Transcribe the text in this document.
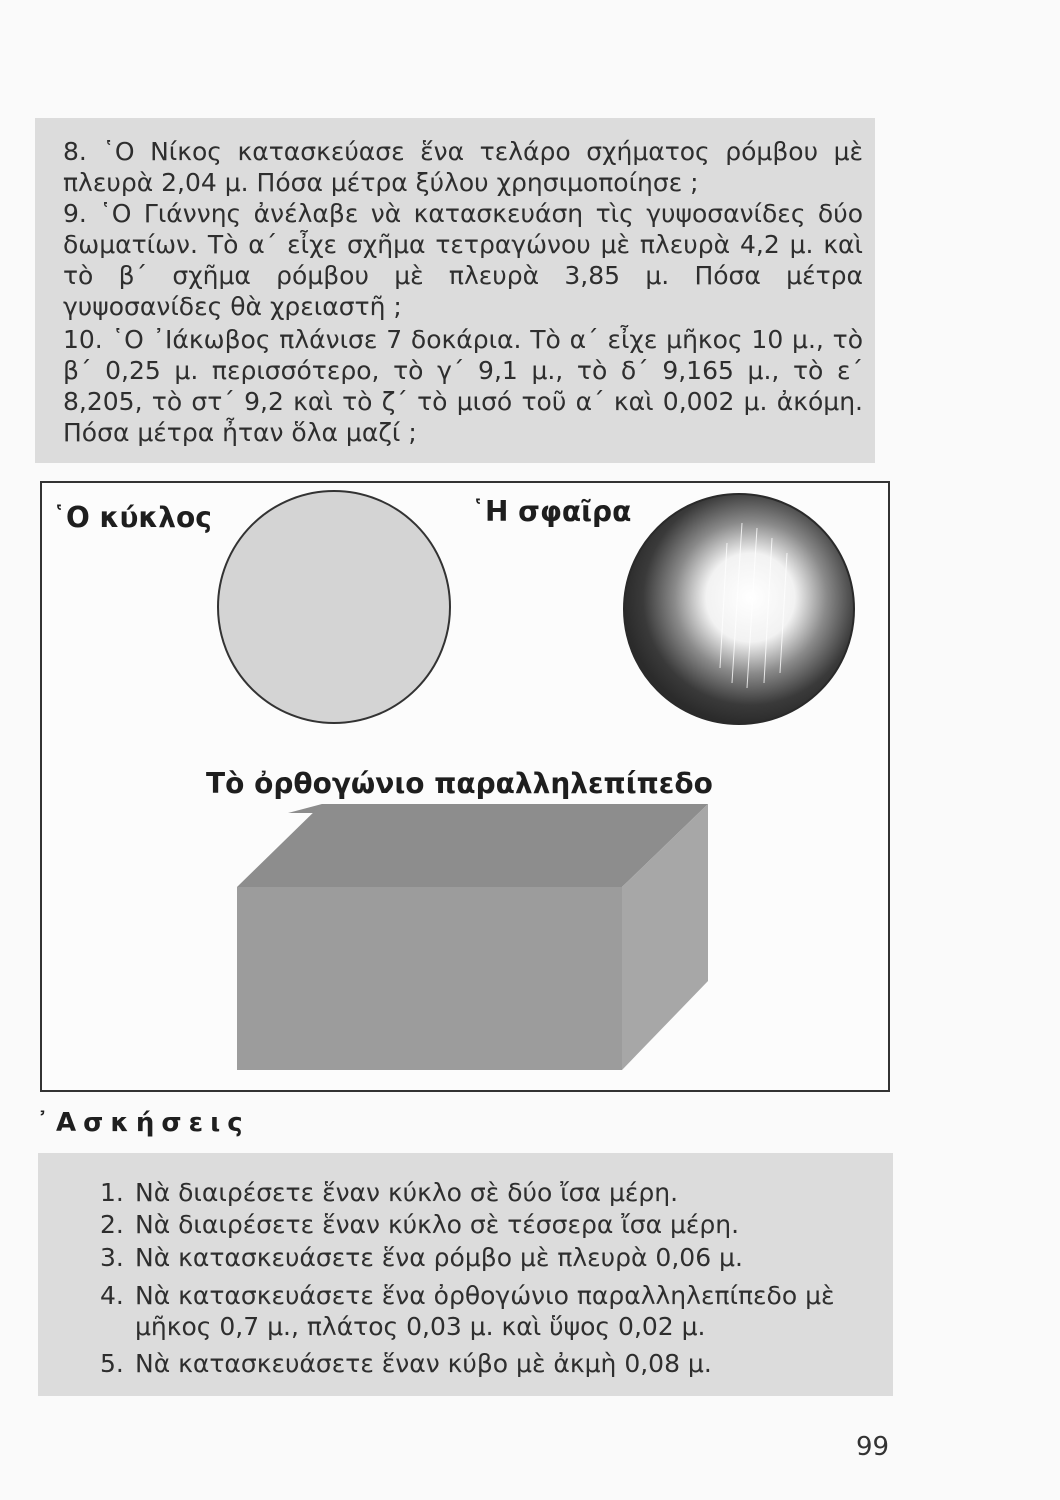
8. ῾Ο Νίκος κατασκεύασε ἕνα τελάρο σχήματος ρόμβου μὲ πλευρὰ 2,04 μ. Πόσα μέτρα ξύλου χρησιμοποίησε ;
9. ῾Ο Γιάννης ἀνέλαβε νὰ κατασκευάση τὶς γυψοσανίδες δύο δωματίων. Τὸ α΄ εἶχε σχῆμα τετραγώνου μὲ πλευρὰ 4,2 μ. καὶ τὸ β΄ σχῆμα ρόμβου μὲ πλευρὰ 3,85 μ. Πόσα μέτρα γυψοσανίδες θὰ χρειαστῆ ;
10. ῾Ο ᾿Ιάκωβος πλάνισε 7 δοκάρια. Τὸ α΄ εἶχε μῆκος 10 μ., τὸ β΄ 0,25 μ. περισσότερο, τὸ γ΄ 9,1 μ., τὸ δ΄ 9,165 μ., τὸ ε΄ 8,205, τὸ στ΄ 9,2 καὶ τὸ ζ΄ τὸ μισό τοῦ α΄ καὶ 0,002 μ. ἀκόμη. Πόσα μέτρα ἦταν ὅλα μαζί ;
῾Ο κύκλος	῾Η σφαῖρα
Τὸ ὀρθογώνιο παραλληλεπίπεδο
᾿Ασκήσεις
1. Νὰ διαιρέσετε ἕναν κύκλο σὲ δύο ἴσα μέρη.
2. Νὰ διαιρέσετε ἕναν κύκλο σὲ τέσσερα ἴσα μέρη.
3. Νὰ κατασκευάσετε ἕνα ρόμβο μὲ πλευρὰ 0,06 μ.
4. Νὰ κατασκευάσετε ἕνα ὀρθογώνιο παραλληλεπίπεδο μὲ μῆκος 0,7 μ., πλάτος 0,03 μ. καὶ ὕψος 0,02 μ.
5. Νὰ κατασκευάσετε ἕναν κύβο μὲ ἀκμὴ 0,08 μ.
99
